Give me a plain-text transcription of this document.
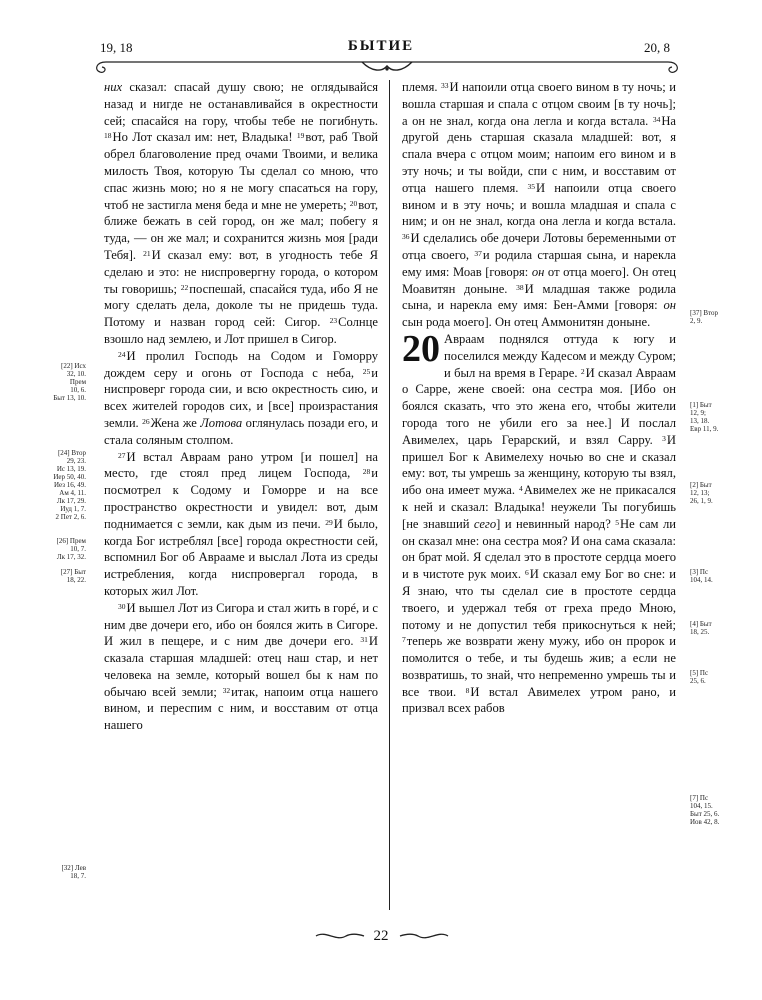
19, 18	БЫТИЕ	20, 8

них сказал: спасай душу свою; не оглядывайся назад и нигде не останавливайся в окрестности сей; спасайся на гору, чтобы тебе не погибнуть. $^{18}$Но Лот сказал им: нет, Владыка! $^{19}$вот, раб Твой обрел благоволение пред очами Твоими, и велика милость Твоя, которую Ты сделал со мною, что спас жизнь мою; но я не могу спасаться на гору, чтоб не застигла меня беда и мне не умереть; $^{20}$вот, ближе бежать в сей город, он же мал; побегу я туда, — он же мал; и сохранится жизнь моя [ради Тебя]. $^{21}$И сказал ему: вот, в угодность тебе Я сделаю и это: не ниспровергну города, о котором ты говоришь; $^{22}$поспешай, спасайся туда, ибо Я не могу сделать дела, доколе ты не придешь туда. Потому и назван город сей: Сигор. $^{23}$Солнце взошло над землею, и Лот пришел в Сигор.

$^{24}$И пролил Господь на Содом и Гоморру дождем серу и огонь от Господа с неба, $^{25}$и ниспроверг города сии, и всю окрестность сию, и всех жителей городов сих, и [все] произрастания земли. $^{26}$Жена же Лотова оглянулась позади его, и стала соляным столпом.

$^{27}$И встал Авраам рано утром [и пошел] на место, где стоял пред лицем Господа, $^{28}$и посмотрел к Содому и Гоморре и на все пространство окрестности и увидел: вот, дым поднимается с земли, как дым из печи. $^{29}$И было, когда Бог истреблял [все] города окрестности сей, вспомнил Бог об Аврааме и выслал Лота из среды истребления, когда ниспровергал города, в которых жил Лот.

$^{30}$И вышел Лот из Сигора и стал жить в горé, и с ним две дочери его, ибо он боялся жить в Сигоре. И жил в пещере, и с ним две дочери его. $^{31}$И сказала старшая младшей: отец наш стар, и нет человека на земле, который вошел бы к нам по обычаю всей земли; $^{32}$итак, напоим отца нашего вином, и переспим с ним, и восставим от отца нашего

племя. $^{33}$И напоили отца своего вином в ту ночь; и вошла старшая и спала с отцом своим [в ту ночь]; а он не знал, когда она легла и когда встала. $^{34}$На другой день старшая сказала младшей: вот, я спала вчера с отцом моим; напоим его вином и в эту ночь; и ты войди, спи с ним, и восставим от отца нашего племя. $^{35}$И напоили отца своего вином и в эту ночь; и вошла младшая и спала с ним; и он не знал, когда она легла и когда встала. $^{36}$И сделались обе дочери Лотовы беременными от отца своего, $^{37}$и родила старшая сына, и нарекла ему имя: Моав [говоря: он от отца моего]. Он отец Моавитян доныне. $^{38}$И младшая также родила сына, и нарекла ему имя: Бен-Амми [говоря: он сын рода моего]. Он отец Аммонитян доныне.

20 Авраам поднялся оттуда к югу и поселился между Кадесом и между Суром; и был на время в Гераре. $^2$И сказал Авраам о Сарре, жене своей: она сестра моя. [Ибо он боялся сказать, что это жена его, чтобы жители города того не убили его за нее.] И послал Авимелех, царь Герарский, и взял Сарру. $^3$И пришел Бог к Авимелеху ночью во сне и сказал ему: вот, ты умрешь за женщину, которую ты взял, ибо она имеет мужа. $^4$Авимелех же не прикасался к ней и сказал: Владыка! неужели Ты погубишь [не знавший сего] и невинный народ? $^5$Не сам ли он сказал мне: она сестра моя? И она сама сказала: он брат мой. Я сделал это в простоте сердца моего и в чистоте рук моих. $^6$И сказал ему Бог во сне: и Я знаю, что ты сделал сие в простоте сердца твоего, и удержал тебя от греха предо Мною, потому и не допустил тебя прикоснуться к ней; $^7$теперь же возврати жену мужу, ибо он пророк и помолится о тебе, и ты будешь жив; а если не возвратишь, то знай, что непременно умрешь ты и все твои. $^8$И встал Авимелех утром рано, и призвал всех рабов

[22] Исх
32, 10.
Прем
10, 6.
Быт 13, 10.
[24] Втор
29, 23.
Ис 13, 19.
Иер 50, 40.
Иез 16, 49.
Ам 4, 11.
Лк 17, 29.
Иуд 1, 7.
2 Пет 2, 6.
[26] Прем
10, 7.
Лк 17, 32.
[27] Быт
18, 22.
[32] Лев
18, 7.
[37] Втор
2, 9.
[1] Быт
12, 9;
13, 18.
Евр 11, 9.
[2] Быт
12, 13;
26, 1, 9.
[3] Пс
104, 14.
[4] Быт
18, 25.
[5] Пс
25, 6.
[7] Пс
104, 15.
Быт 25, 6.
Иов 42, 8.
22
